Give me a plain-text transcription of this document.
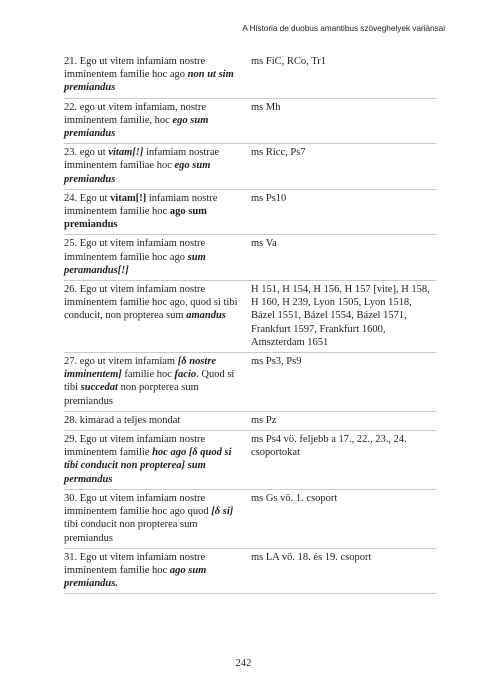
A Historia de duobus amantibus szöveghelyek variánsai
21. Ego ut vitem infamiam nostre imminentem familie hoc ago non ut sim premiandus
ms FiC, RCo, Tr1
22. ego ut vitem infamiam, nostre imminentem familie, hoc ego sum premiandus
ms Mh
23. ego ut vitam[!] infamiam nostrae imminentem familiae hoc ego sum premiandus
ms Ricc, Ps7
24. Ego ut vitam[!] infamiam nostre imminentem familie hoc ago sum premiandus
ms Ps10
25. Ego ut vitem infamiam nostre imminentem familie hoc ago sum peramandus[!]
ms Va
26. Ego ut vitem infamiam nostre imminentem familie hoc ago, quod si tibi conducit, non propterea sum amandus
H 151, H 154, H 156, H 157 [vite], H 158, H 160, H 239, Lyon 1505, Lyon 1518, Bázel 1551, Bázel 1554, Bázel 1571, Frankfurt 1597, Frankfurt 1600, Amszterdam 1651
27. ego ut vitem infamiam [δ nostre imminentem] familie hoc facio. Quod si tibi succedat non porpterea sum premiandus
ms Ps3, Ps9
28. kimarad a teljes mondat	ms Pz
29. Ego ut vitem infamiam nostre imminentem familie hoc ago [δ quod si tibi conducit non propterea] sum permandus
ms Ps4 vö. feljebb a 17., 22., 23., 24. csoportokat
30. Ego ut vitem infamiam nostre imminentem familie hoc ago quod [δ si] tibi conducit non propterea sum premiandus
ms Gs vö. 1. csoport
31. Ego ut vitem infamiam nostre imminentem familie hoc ago sum premiandus.
ms LA vö. 18. és 19. csoport
242
